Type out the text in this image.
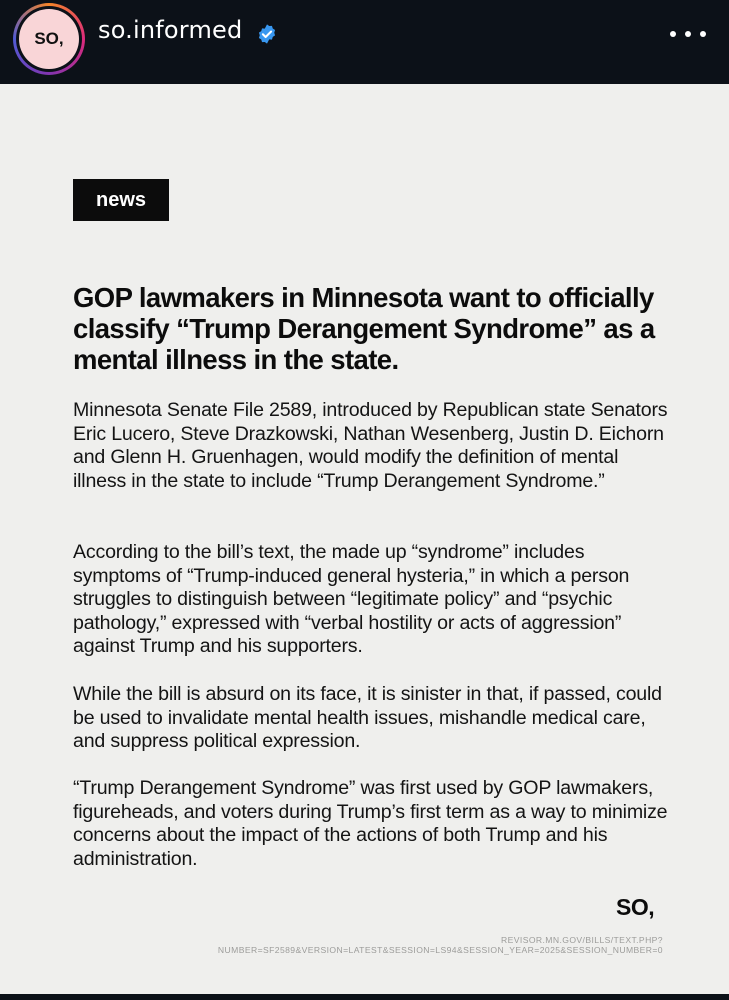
SO,	so.informed
news
GOP lawmakers in Minnesota want to officially classify “Trump Derangement Syndrome” as a mental illness in the state.

Minnesota Senate File 2589, introduced by Republican state Senators Eric Lucero, Steve Drazkowski, Nathan Wesenberg, Justin D. Eichorn and Glenn H. Gruenhagen, would modify the definition of mental illness in the state to include “Trump Derangement Syndrome.”

According to the bill’s text, the made up “syndrome” includes symptoms of “Trump-induced general hysteria,” in which a person struggles to distinguish between “legitimate policy” and “psychic pathology,” expressed with “verbal hostility or acts of aggression” against Trump and his supporters.

While the bill is absurd on its face, it is sinister in that, if passed, could be used to invalidate mental health issues, mishandle medical care, and suppress political expression.

“Trump Derangement Syndrome” was first used by GOP lawmakers, figureheads, and voters during Trump’s first term as a way to minimize concerns about the impact of the actions of both Trump and his administration.

SO,
REVISOR.MN.GOV/BILLS/TEXT.PHP?
NUMBER=SF2589&VERSION=LATEST&SESSION=LS94&SESSION_YEAR=2025&SESSION_NUMBER=0
